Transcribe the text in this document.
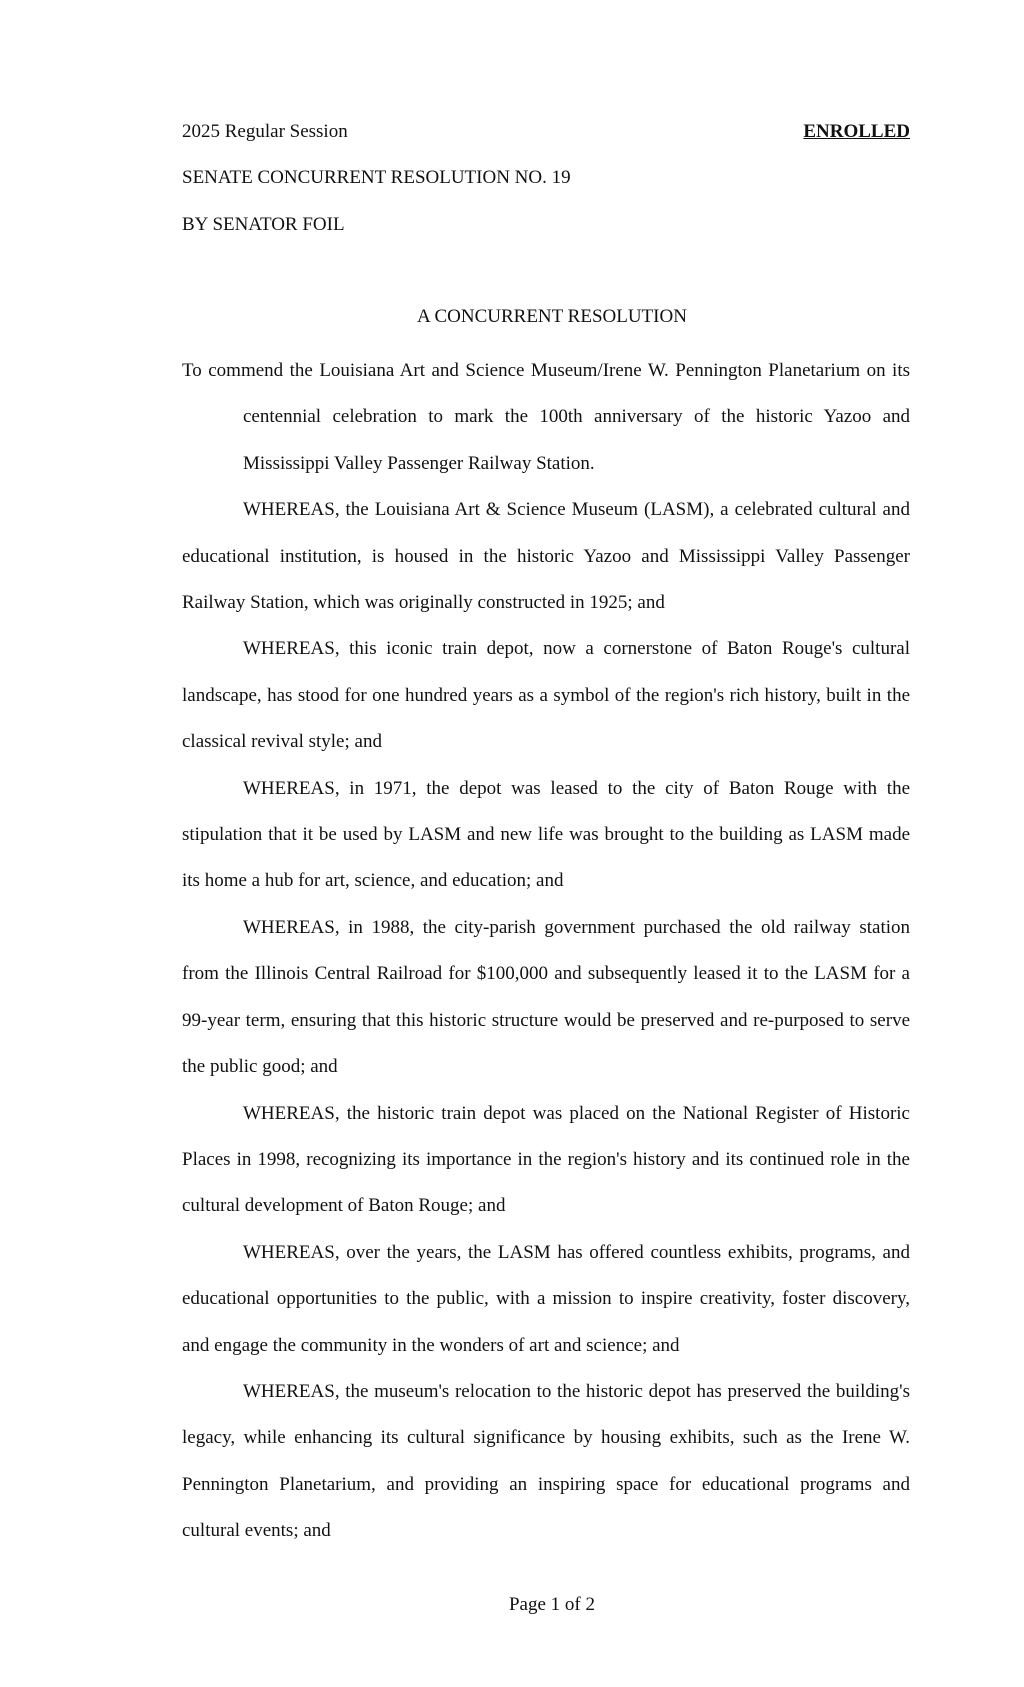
2025 Regular Session	ENROLLED
SENATE CONCURRENT RESOLUTION NO. 19
BY SENATOR FOIL
A CONCURRENT RESOLUTION

To commend the Louisiana Art and Science Museum/Irene W. Pennington Planetarium on its centennial celebration to mark the 100th anniversary of the historic Yazoo and Mississippi Valley Passenger Railway Station.

WHEREAS, the Louisiana Art & Science Museum (LASM), a celebrated cultural and educational institution, is housed in the historic Yazoo and Mississippi Valley Passenger Railway Station, which was originally constructed in 1925; and

WHEREAS, this iconic train depot, now a cornerstone of Baton Rouge's cultural landscape, has stood for one hundred years as a symbol of the region's rich history, built in the classical revival style; and

WHEREAS, in 1971, the depot was leased to the city of Baton Rouge with the stipulation that it be used by LASM and new life was brought to the building as LASM made its home a hub for art, science, and education; and

WHEREAS, in 1988, the city-parish government purchased the old railway station from the Illinois Central Railroad for $100,000 and subsequently leased it to the LASM for a 99-year term, ensuring that this historic structure would be preserved and re-purposed to serve the public good; and

WHEREAS, the historic train depot was placed on the National Register of Historic Places in 1998, recognizing its importance in the region's history and its continued role in the cultural development of Baton Rouge; and

WHEREAS, over the years, the LASM has offered countless exhibits, programs, and educational opportunities to the public, with a mission to inspire creativity, foster discovery, and engage the community in the wonders of art and science; and

WHEREAS, the museum's relocation to the historic depot has preserved the building's legacy, while enhancing its cultural significance by housing exhibits, such as the Irene W. Pennington Planetarium, and providing an inspiring space for educational programs and cultural events; and

Page 1 of 2
